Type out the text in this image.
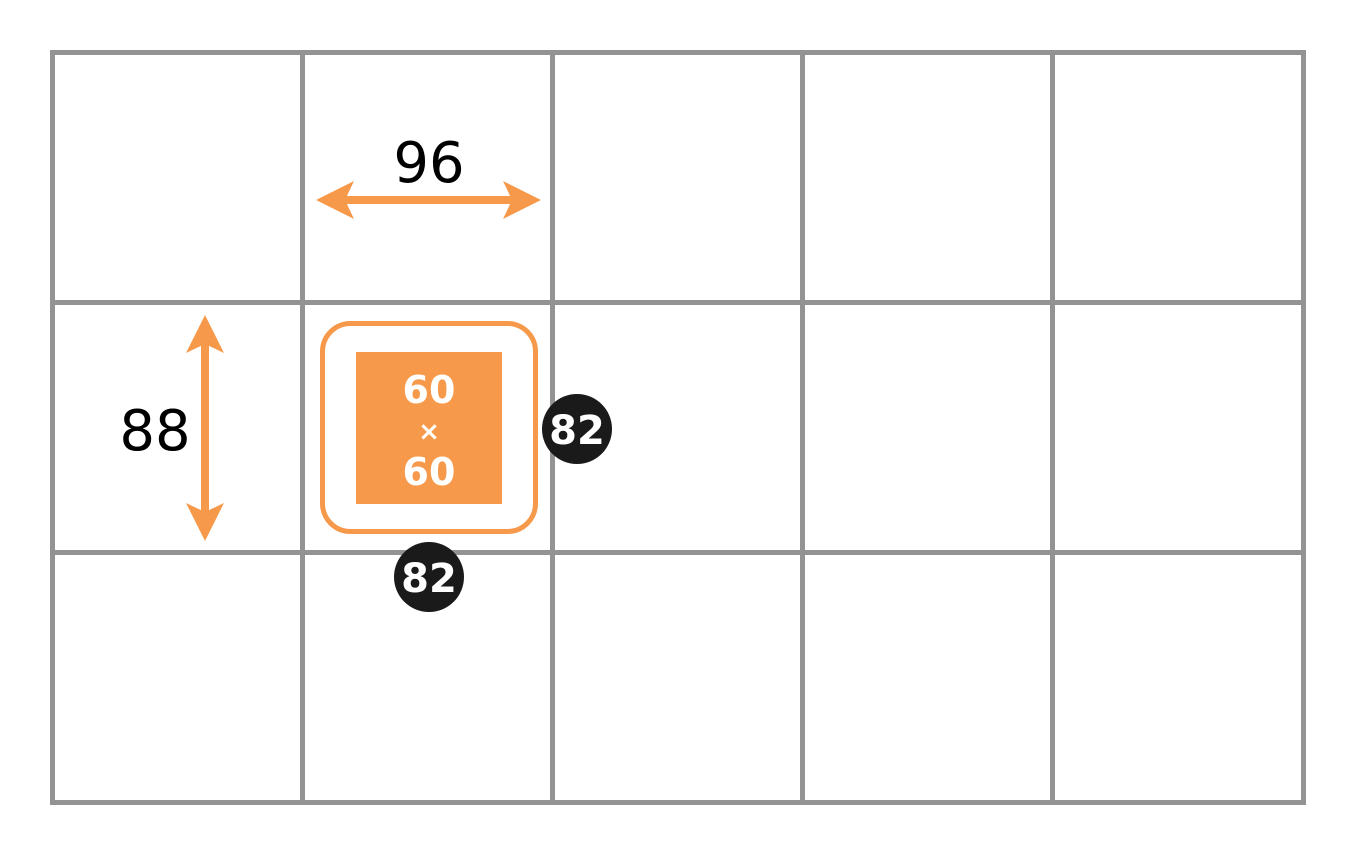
96
88
60
×
60
82
82
